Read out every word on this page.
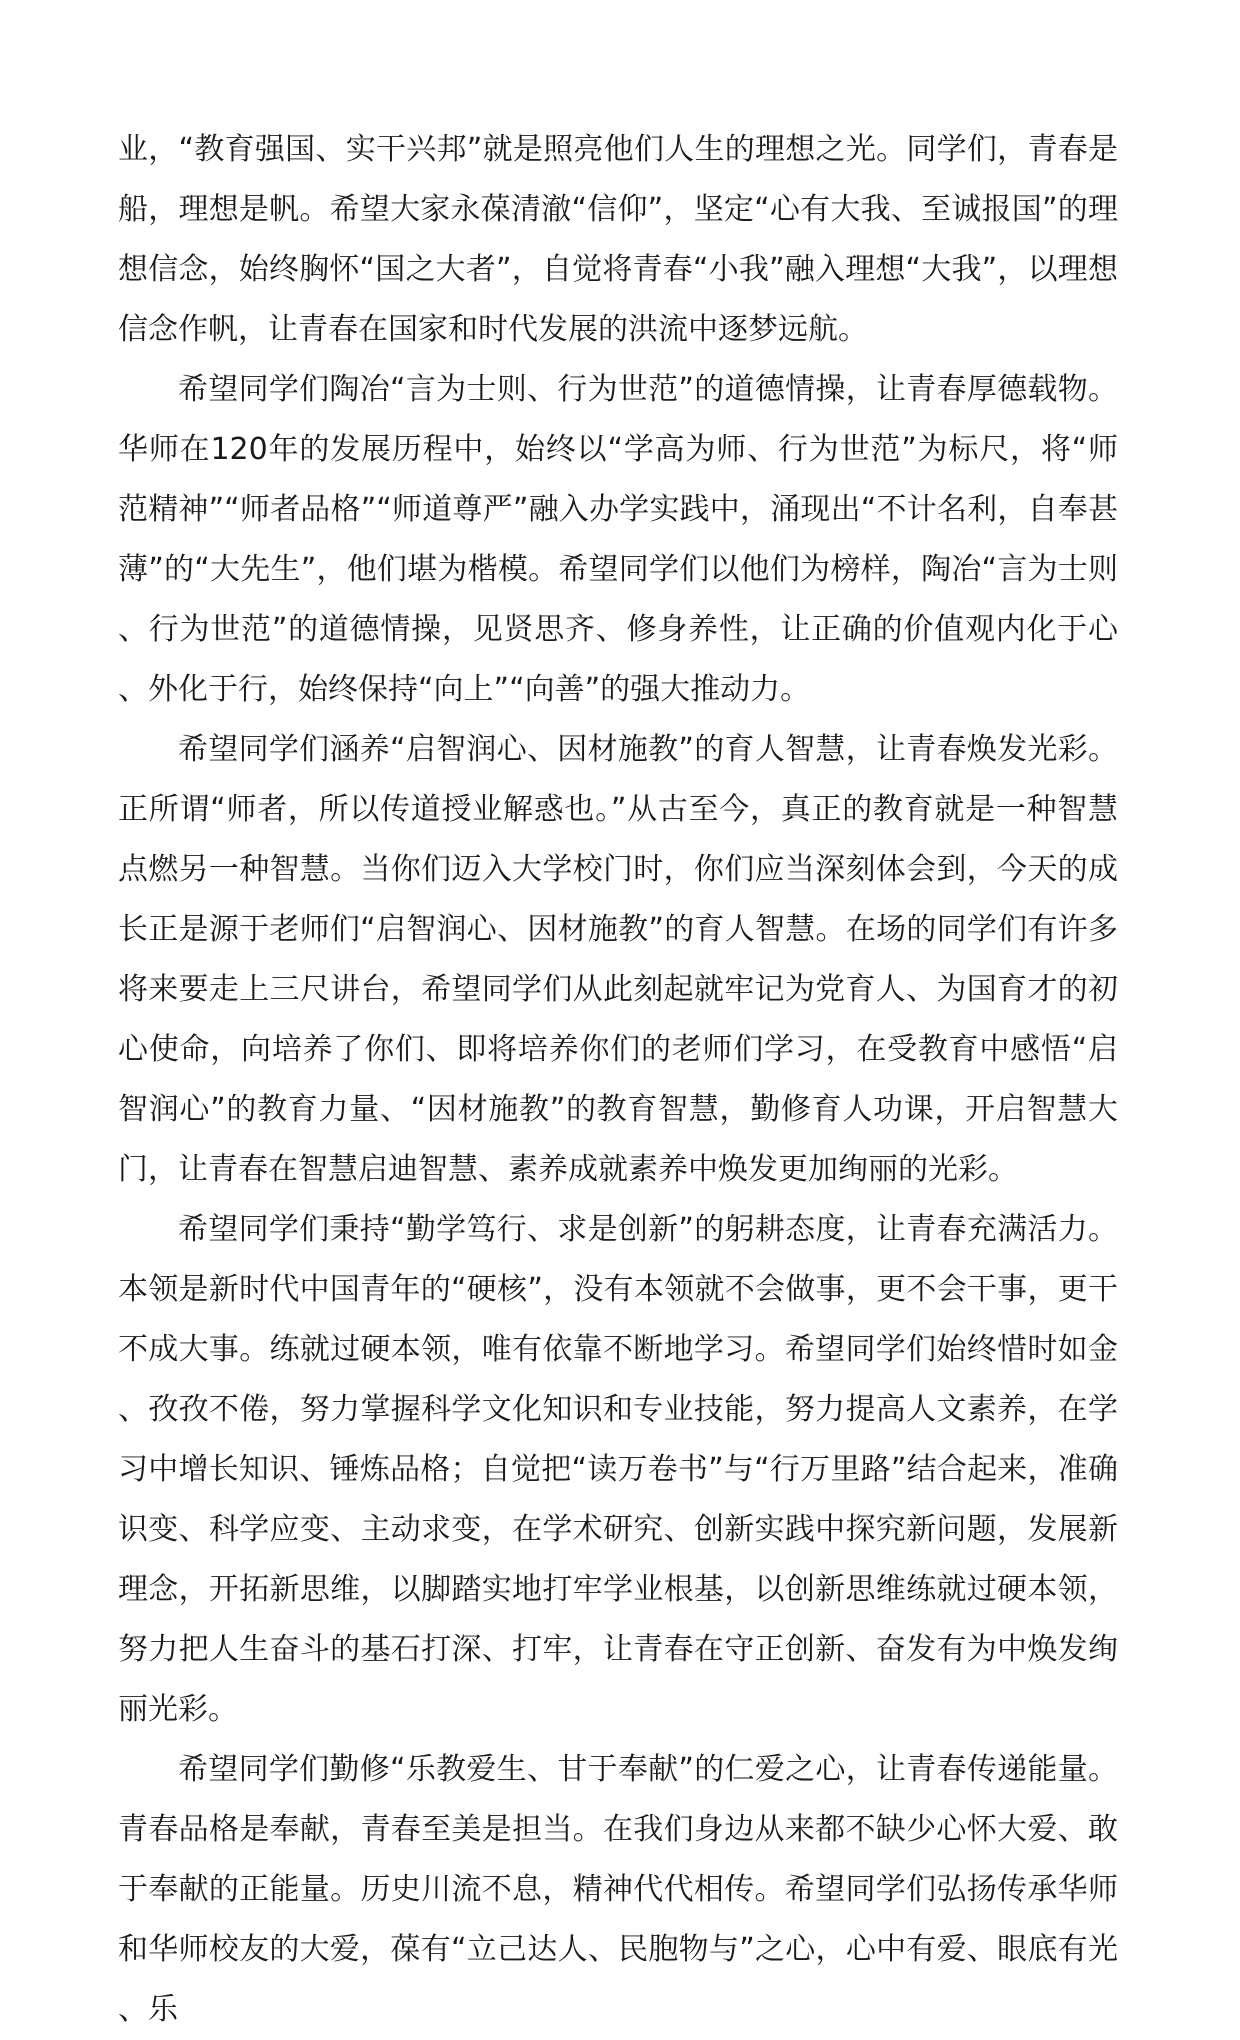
业，“教育强国、实干兴邦”就是照亮他们人生的理想之光。同学们，青春是船，理想是帆。希望大家永葆清澈“信仰”，坚定“心有大我、至诚报国”的理想信念，始终胸怀“国之大者”，自觉将青春“小我”融入理想“大我”，以理想信念作帆，让青春在国家和时代发展的洪流中逐梦远航。

希望同学们陶冶“言为士则、行为世范”的道德情操，让青春厚德载物。华师在120年的发展历程中，始终以“学高为师、行为世范”为标尺，将“师范精神”“师者品格”“师道尊严”融入办学实践中，涌现出“不计名利，自奉甚薄”的“大先生”，他们堪为楷模。希望同学们以他们为榜样，陶冶“言为士则、行为世范”的道德情操，见贤思齐、修身养性，让正确的价值观内化于心、外化于行，始终保持“向上”“向善”的强大推动力。

希望同学们涵养“启智润心、因材施教”的育人智慧，让青春焕发光彩。正所谓“师者，所以传道授业解惑也。”从古至今，真正的教育就是一种智慧点燃另一种智慧。当你们迈入大学校门时，你们应当深刻体会到，今天的成长正是源于老师们“启智润心、因材施教”的育人智慧。在场的同学们有许多将来要走上三尺讲台，希望同学们从此刻起就牢记为党育人、为国育才的初心使命，向培养了你们、即将培养你们的老师们学习，在受教育中感悟“启智润心”的教育力量、“因材施教”的教育智慧，勤修育人功课，开启智慧大门，让青春在智慧启迪智慧、素养成就素养中焕发更加绚丽的光彩。

希望同学们秉持“勤学笃行、求是创新”的躬耕态度，让青春充满活力。本领是新时代中国青年的“硬核”，没有本领就不会做事，更不会干事，更干不成大事。练就过硬本领，唯有依靠不断地学习。希望同学们始终惜时如金、孜孜不倦，努力掌握科学文化知识和专业技能，努力提高人文素养，在学习中增长知识、锤炼品格；自觉把“读万卷书”与“行万里路”结合起来，准确识变、科学应变、主动求变，在学术研究、创新实践中探究新问题，发展新理念，开拓新思维，以脚踏实地打牢学业根基，以创新思维练就过硬本领，努力把人生奋斗的基石打深、打牢，让青春在守正创新、奋发有为中焕发绚丽光彩。

希望同学们勤修“乐教爱生、甘于奉献”的仁爱之心，让青春传递能量。青春品格是奉献，青春至美是担当。在我们身边从来都不缺少心怀大爱、敢于奉献的正能量。历史川流不息，精神代代相传。希望同学们弘扬传承华师和华师校友的大爱，葆有“立己达人、民胞物与”之心，心中有爱、眼底有光、乐
